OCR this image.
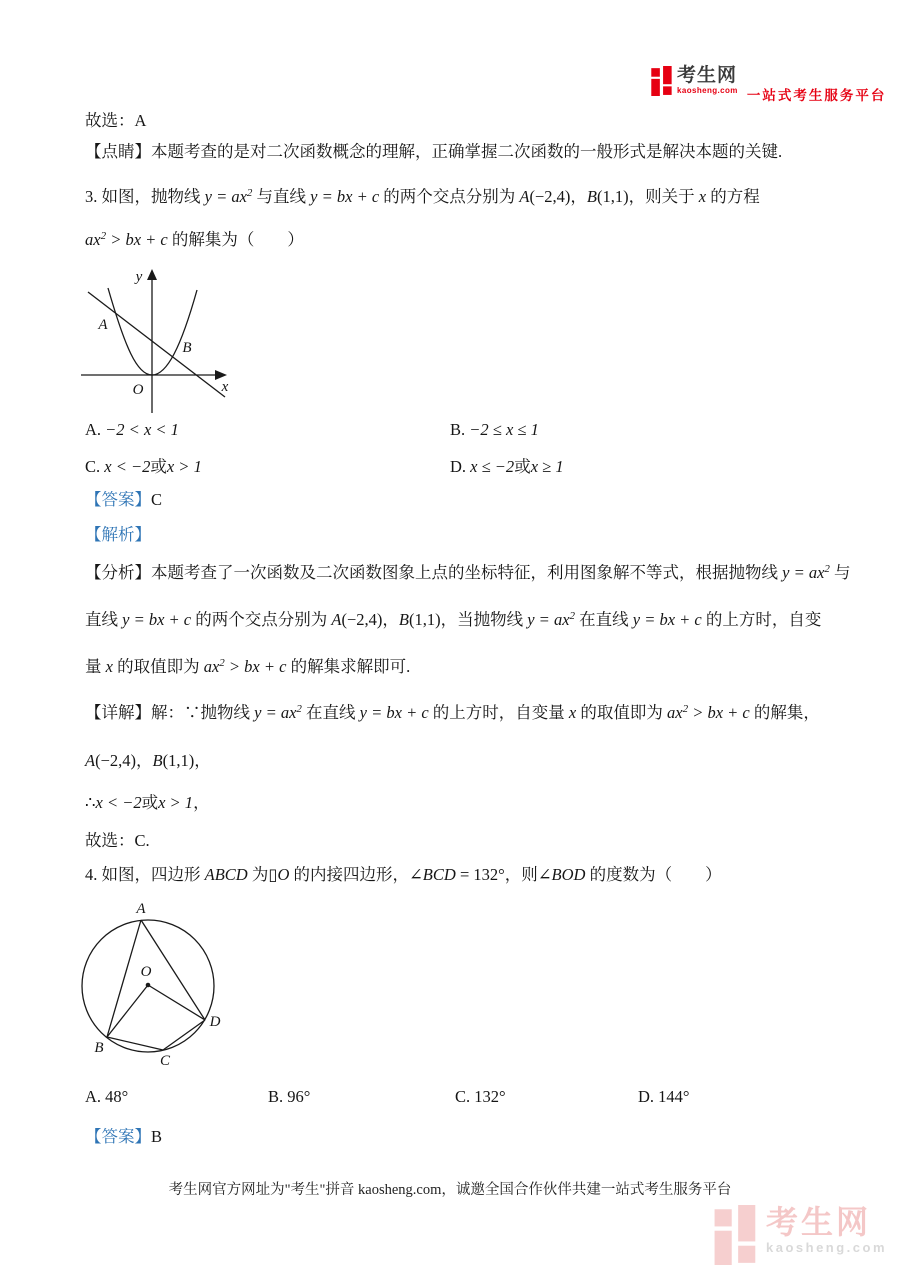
考生网
kaosheng.com 一站式考生服务平台
故选：A
【点睛】本题考查的是对二次函数概念的理解，正确掌握二次函数的一般形式是解决本题的关键.
3. 如图，抛物线 $y = ax^2$ 与直线 y = bx + c 的两个交点分别为 A(−2,4)，B(1,1)，则关于 x 的方程
$ax^2$ > bx + c 的解集为（　　）
y
x
O
A
B
A. −2 < x < 1	B. −2 ≤ x ≤ 1
C. x < −2或x > 1	D. x ≤ −2或x ≥ 1
【答案】C
【解析】
【分析】本题考查了一次函数及二次函数图象上点的坐标特征，利用图象解不等式，根据抛物线 $y = ax^2$ 与
直线 y = bx + c 的两个交点分别为 A(−2,4)，B(1,1)，当抛物线 $y = ax^2$ 在直线 y = bx + c 的上方时，自变
量 x 的取值即为 $ax^2$ > bx + c 的解集求解即可.
【详解】解：∵抛物线 $y = ax^2$ 在直线 y = bx + c 的上方时，自变量 x 的取值即为 $ax^2$ > bx + c 的解集，
A(−2,4)，B(1,1)，
∴x < −2或x > 1，
故选：C.
4. 如图，四边形 ABCD 为▯O 的内接四边形，∠BCD = 132°，则∠BOD 的度数为（　　）
A
B
C
D
O
A. 48°	B. 96°	C. 132°	D. 144°
【答案】B
考生网官方网址为"考生"拼音 kaosheng.com，诚邀全国合作伙伴共建一站式考生服务平台
考生网
kaosheng.com
